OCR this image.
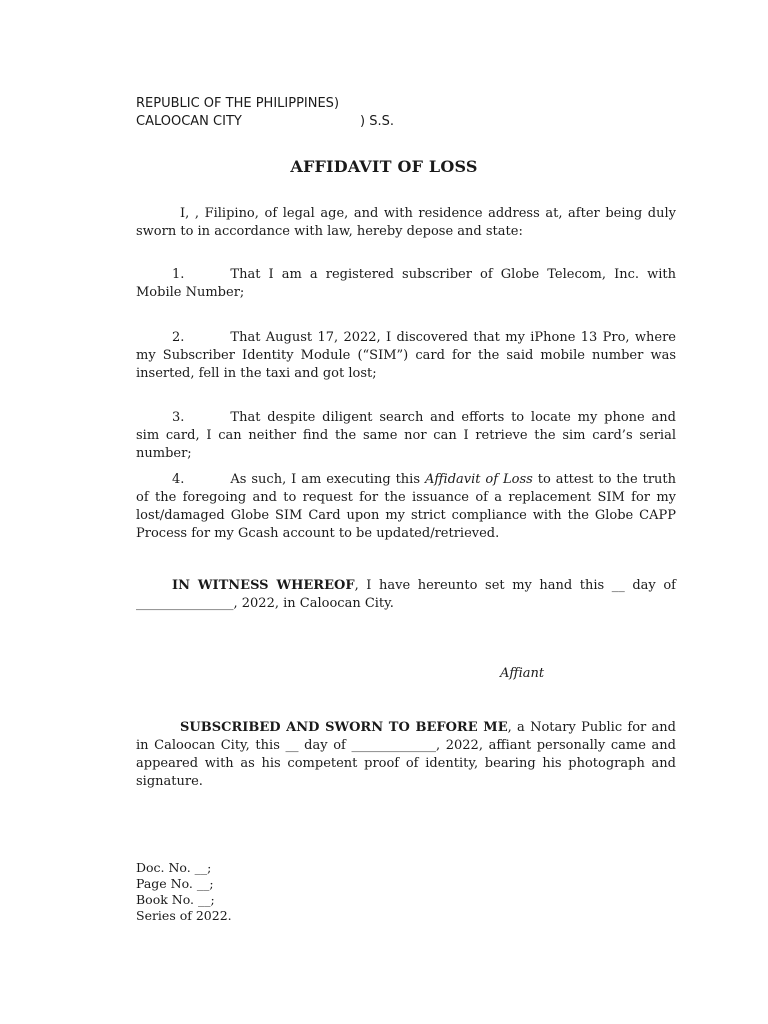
REPUBLIC OF THE PHILIPPINES)
CALOOCAN CITY	) S.S.
AFFIDAVIT OF LOSS

I, , Filipino, of legal age, and with residence address at, after being duly sworn to in accordance with law, hereby depose and state:

1.	That I am a registered subscriber of Globe Telecom, Inc. with Mobile Number;

2.	That August 17, 2022, I discovered that my iPhone 13 Pro, where my Subscriber Identity Module (“SIM”) card for the said mobile number was inserted, fell in the taxi and got lost;

3.	That despite diligent search and efforts to locate my phone and sim card, I can neither find the same nor can I retrieve the sim card’s serial number;

4.	As such, I am executing this Affidavit of Loss to attest to the truth of the foregoing and to request for the issuance of a replacement SIM for my lost/damaged Globe SIM Card upon my strict compliance with the Globe CAPP Process for my Gcash account to be updated/retrieved.

IN WITNESS WHEREOF, I have hereunto set my hand this __ day of _______________, 2022, in Caloocan City.

Affiant

SUBSCRIBED AND SWORN TO BEFORE ME, a Notary Public for and in Caloocan City, this __ day of _____________, 2022, affiant personally came and appeared with as his competent proof of identity, bearing his photograph and signature.

Doc. No. __;
Page No. __;
Book No. __;
Series of 2022.
